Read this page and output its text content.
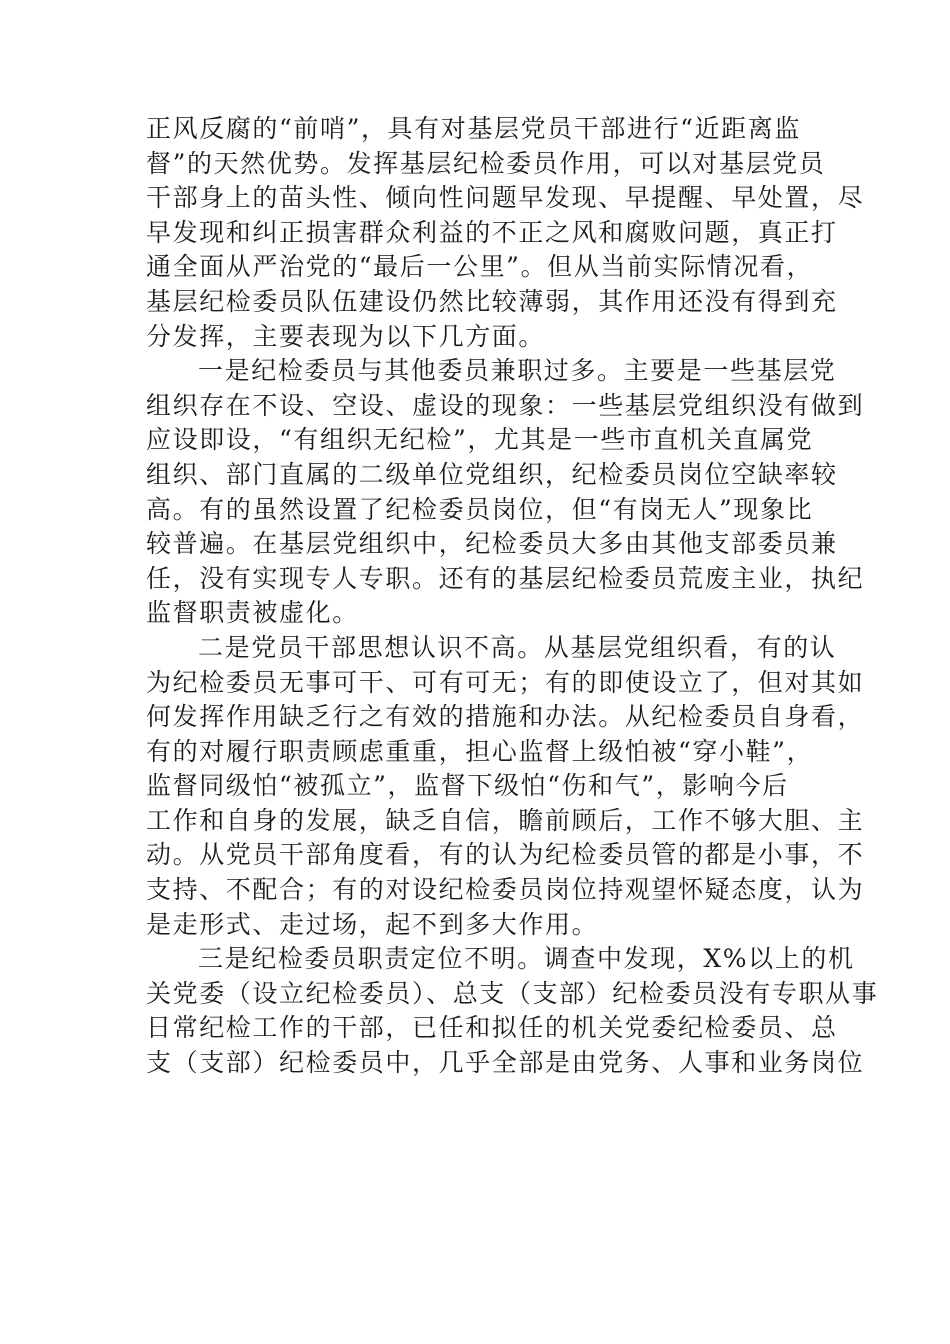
正风反腐的“前哨”，具有对基层党员干部进行“近距离监
督”的天然优势。发挥基层纪检委员作用，可以对基层党员
干部身上的苗头性、倾向性问题早发现、早提醒、早处置，尽
早发现和纠正损害群众利益的不正之风和腐败问题，真正打
通全面从严治党的“最后一公里”。但从当前实际情况看，
基层纪检委员队伍建设仍然比较薄弱，其作用还没有得到充
分发挥，主要表现为以下几方面。
一是纪检委员与其他委员兼职过多。主要是一些基层党
组织存在不设、空设、虚设的现象：一些基层党组织没有做到
应设即设，“有组织无纪检”，尤其是一些市直机关直属党
组织、部门直属的二级单位党组织，纪检委员岗位空缺率较
高。有的虽然设置了纪检委员岗位，但“有岗无人”现象比
较普遍。在基层党组织中，纪检委员大多由其他支部委员兼
任，没有实现专人专职。还有的基层纪检委员荒废主业，执纪
监督职责被虚化。
二是党员干部思想认识不高。从基层党组织看，有的认
为纪检委员无事可干、可有可无；有的即使设立了，但对其如
何发挥作用缺乏行之有效的措施和办法。从纪检委员自身看，
有的对履行职责顾虑重重，担心监督上级怕被“穿小鞋”，
监督同级怕“被孤立”，监督下级怕“伤和气”，影响今后
工作和自身的发展，缺乏自信，瞻前顾后，工作不够大胆、主
动。从党员干部角度看，有的认为纪检委员管的都是小事，不
支持、不配合；有的对设纪检委员岗位持观望怀疑态度，认为
是走形式、走过场，起不到多大作用。
三是纪检委员职责定位不明。调查中发现，X%以上的机
关党委（设立纪检委员）、总支（支部）纪检委员没有专职从事
日常纪检工作的干部，已任和拟任的机关党委纪检委员、总
支（支部）纪检委员中，几乎全部是由党务、人事和业务岗位
